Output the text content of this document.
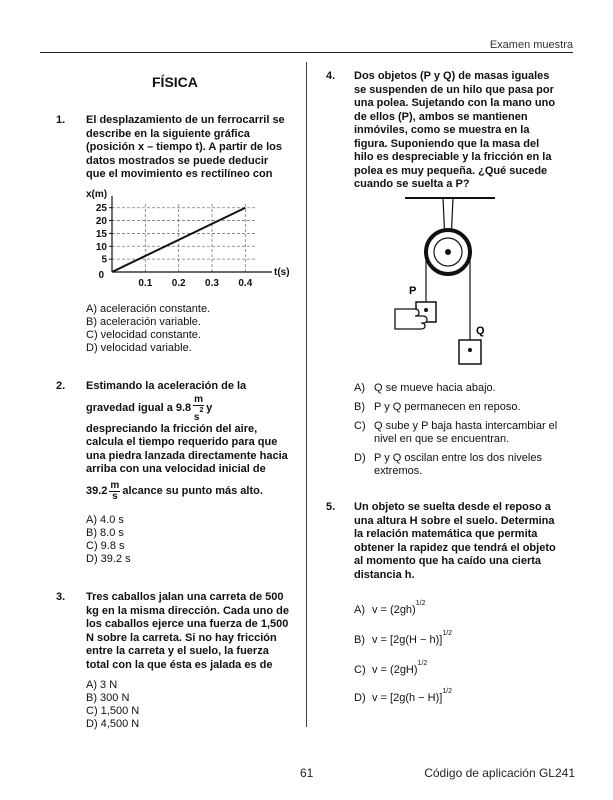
Examen muestra
FÍSICA
1. El desplazamiento de un ferrocarril se
describe en la siguiente gráfica
(posición x – tiempo t). A partir de los
datos mostrados se puede deducir
que el movimiento es rectilíneo con
5
10
15
20
25
0.1 0.2 0.3 0.4
0
x(m)
t(s)
A) aceleración constante.
B) aceleración variable.
C) velocidad constante.
D) velocidad variable.
2. Estimando la aceleración de la
gravedad igual a $9.8 \frac{m}{s^2}$ y
despreciando la fricción del aire,
calcula el tiempo requerido para que
una piedra lanzada directamente hacia
arriba con una velocidad inicial de
$39.2 \frac{m}{s}$ alcance su punto más alto.
A) 4.0 s
B) 8.0 s
C) 9.8 s
D) 39.2 s
3. Tres caballos jalan una carreta de 500
kg en la misma dirección. Cada uno de
los caballos ejerce una fuerza de 1,500
N sobre la carreta. Si no hay fricción
entre la carreta y el suelo, la fuerza
total con la que ésta es jalada es de
A) 3 N
B) 300 N
C) 1,500 N
D) 4,500 N
4. Dos objetos (P y Q) de masas iguales
se suspenden de un hilo que pasa por
una polea. Sujetando con la mano uno
de ellos (P), ambos se mantienen
inmóviles, como se muestra en la
figura. Suponiendo que la masa del
hilo es despreciable y la fricción en la
polea es muy pequeña. ¿Qué sucede
cuando se suelta a P?
P
Q
A) Q se mueve hacia abajo.
B) P y Q permanecen en reposo.
C) Q sube y P baja hasta intercambiar el nivel en que se encuentran.
D) P y Q oscilan entre los dos niveles extremos.
5. Un objeto se suelta desde el reposo a
una altura H sobre el suelo. Determina
la relación matemática que permita
obtener la rapidez que tendrá el objeto
al momento que ha caído una cierta
distancia h.
A) $v = (2gh)^{1/2}$
B) $v = [2g(H - h)]^{1/2}$
C) $v = (2gH)^{1/2}$
D) $v = [2g(h - H)]^{1/2}$
61	Código de aplicación GL241
